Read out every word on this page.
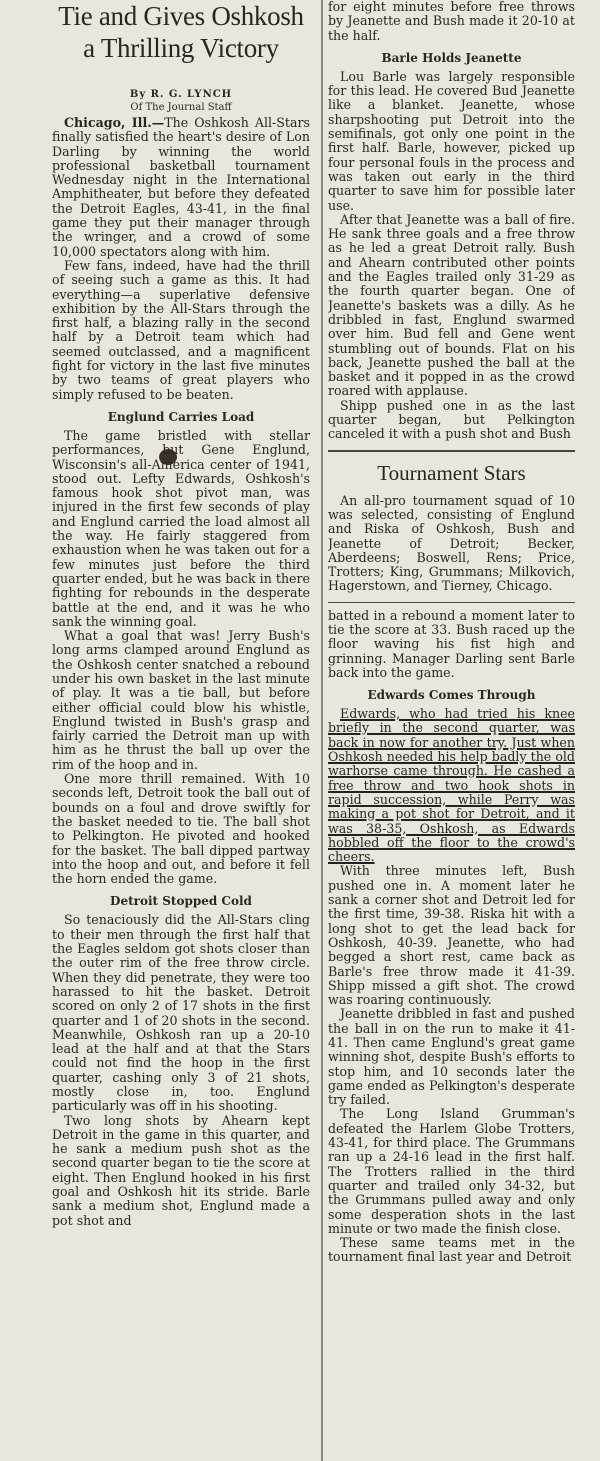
Tie and Gives Oshkosh a Thrilling Victory
By R. G. LYNCH
Of The Journal Staff

Chicago, Ill.—The Oshkosh All-Stars finally satisfied the heart's desire of Lon Darling by winning the world professional basketball tournament Wednesday night in the International Amphitheater, but before they defeated the Detroit Eagles, 43-41, in the final game they put their manager through the wringer, and a crowd of some 10,000 spectators along with him.

Few fans, indeed, have had the thrill of seeing such a game as this. It had everything—a superlative defensive exhibition by the All-Stars through the first half, a blazing rally in the second half by a Detroit team which had seemed outclassed, and a magnificent fight for victory in the last five minutes by two teams of great players who simply refused to be beaten.

Englund Carries Load

The game bristled with stellar performances, but Gene Englund, Wisconsin's all-America center of 1941, stood out. Lefty Edwards, Oshkosh's famous hook shot pivot man, was injured in the first few seconds of play and Englund carried the load almost all the way. He fairly staggered from exhaustion when he was taken out for a few minutes just before the third quarter ended, but he was back in there fighting for rebounds in the desperate battle at the end, and it was he who sank the winning goal.

What a goal that was! Jerry Bush's long arms clamped around Englund as the Oshkosh center snatched a rebound under his own basket in the last minute of play. It was a tie ball, but before either official could blow his whistle, Englund twisted in Bush's grasp and fairly carried the Detroit man up with him as he thrust the ball up over the rim of the hoop and in.

One more thrill remained. With 10 seconds left, Detroit took the ball out of bounds on a foul and drove swiftly for the basket needed to tie. The ball shot to Pelkington. He pivoted and hooked for the basket. The ball dipped partway into the hoop and out, and before it fell the horn ended the game.

Detroit Stopped Cold

So tenaciously did the All-Stars cling to their men through the first half that the Eagles seldom got shots closer than the outer rim of the free throw circle. When they did penetrate, they were too harassed to hit the basket. Detroit scored on only 2 of 17 shots in the first quarter and 1 of 20 shots in the second. Meanwhile, Oshkosh ran up a 20-10 lead at the half and at that the Stars could not find the hoop in the first quarter, cashing only 3 of 21 shots, mostly close in, too. Englund particularly was off in his shooting.

Two long shots by Ahearn kept Detroit in the game in this quarter, and he sank a medium push shot as the second quarter began to tie the score at eight. Then Englund hooked in his first goal and Oshkosh hit its stride. Barle sank a medium shot, Englund made a pot shot and

for eight minutes before free throws by Jeanette and Bush made it 20-10 at the half.

Barle Holds Jeanette

Lou Barle was largely responsible for this lead. He covered Bud Jeanette like a blanket. Jeanette, whose sharpshooting put Detroit into the semifinals, got only one point in the first half. Barle, however, picked up four personal fouls in the process and was taken out early in the third quarter to save him for possible later use.

After that Jeanette was a ball of fire. He sank three goals and a free throw as he led a great Detroit rally. Bush and Ahearn contributed other points and the Eagles trailed only 31-29 as the fourth quarter began. One of Jeanette's baskets was a dilly. As he dribbled in fast, Englund swarmed over him. Bud fell and Gene went stumbling out of bounds. Flat on his back, Jeanette pushed the ball at the basket and it popped in as the crowd roared with applause.

Shipp pushed one in as the last quarter began, but Pelkington canceled it with a push shot and Bush

Tournament Stars

An all-pro tournament squad of 10 was selected, consisting of Englund and Riska of Oshkosh, Bush and Jeanette of Detroit; Becker, Aberdeens; Boswell, Rens; Price, Trotters; King, Grummans; Milkovich, Hagerstown, and Tierney, Chicago.

batted in a rebound a moment later to tie the score at 33. Bush raced up the floor waving his fist high and grinning. Manager Darling sent Barle back into the game.

Edwards Comes Through

Edwards, who had tried his knee briefly in the second quarter, was back in now for another try. Just when Oshkosh needed his help badly the old warhorse came through. He cashed a free throw and two hook shots in rapid succession, while Perry was making a pot shot for Detroit, and it was 38-35, Oshkosh, as Edwards hobbled off the floor to the crowd's cheers.

With three minutes left, Bush pushed one in. A moment later he sank a corner shot and Detroit led for the first time, 39-38. Riska hit with a long shot to get the lead back for Oshkosh, 40-39. Jeanette, who had begged a short rest, came back as Barle's free throw made it 41-39. Shipp missed a gift shot. The crowd was roaring continuously.

Jeanette dribbled in fast and pushed the ball in on the run to make it 41-41. Then came Englund's great game winning shot, despite Bush's efforts to stop him, and 10 seconds later the game ended as Pelkington's desperate try failed.

The Long Island Grumman's defeated the Harlem Globe Trotters, 43-41, for third place. The Grummans ran up a 24-16 lead in the first half. The Trotters rallied in the third quarter and trailed only 34-32, but the Grummans pulled away and only some desperation shots in the last minute or two made the finish close.

These same teams met in the tournament final last year and Detroit
